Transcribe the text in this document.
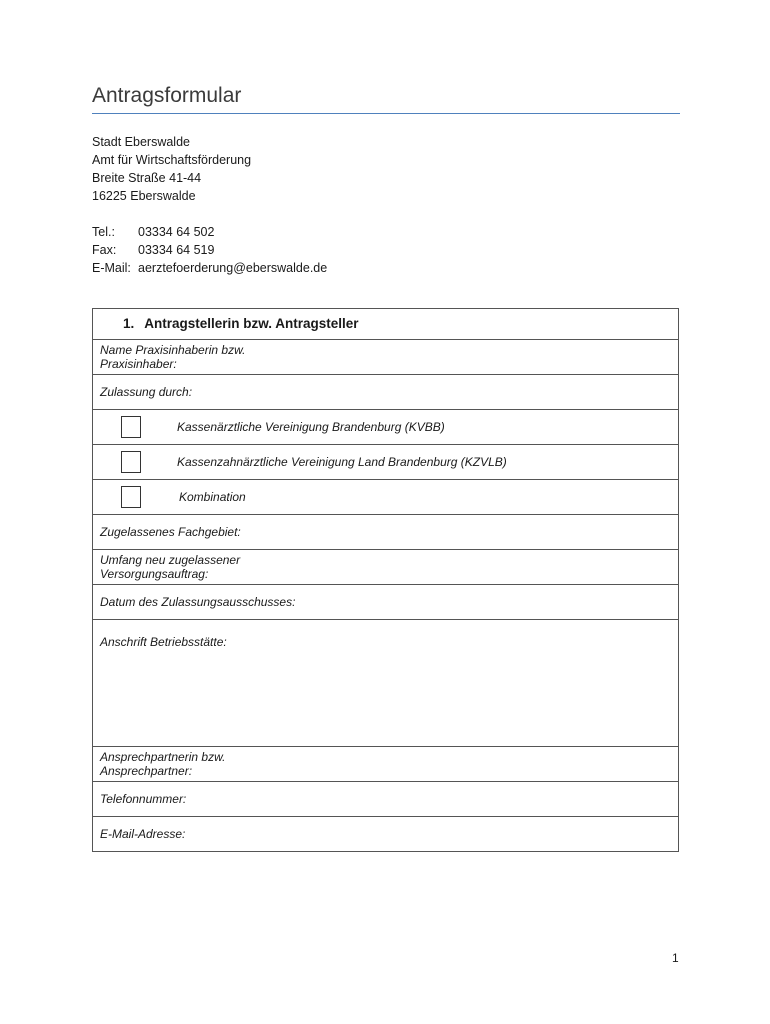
Antragsformular
Stadt Eberswalde
Amt für Wirtschaftsförderung
Breite Straße 41-44
16225 Eberswalde
Tel.:	03334 64 502
Fax:	03334 64 519
E-Mail: aerztefoerderung@eberswalde.de
1. Antragstellerin bzw. Antragsteller
Name Praxisinhaberin bzw.
Praxisinhaber:
Zulassung durch:
Kassenärztliche Vereinigung Brandenburg (KVBB)
Kassenzahnärztliche Vereinigung Land Brandenburg (KZVLB)
Kombination
Zugelassenes Fachgebiet:
Umfang neu zugelassener
Versorgungsauftrag:
Datum des Zulassungsausschusses:
Anschrift Betriebsstätte:
Ansprechpartnerin bzw.
Ansprechpartner:
Telefonnummer:
E-Mail-Adresse:
1
